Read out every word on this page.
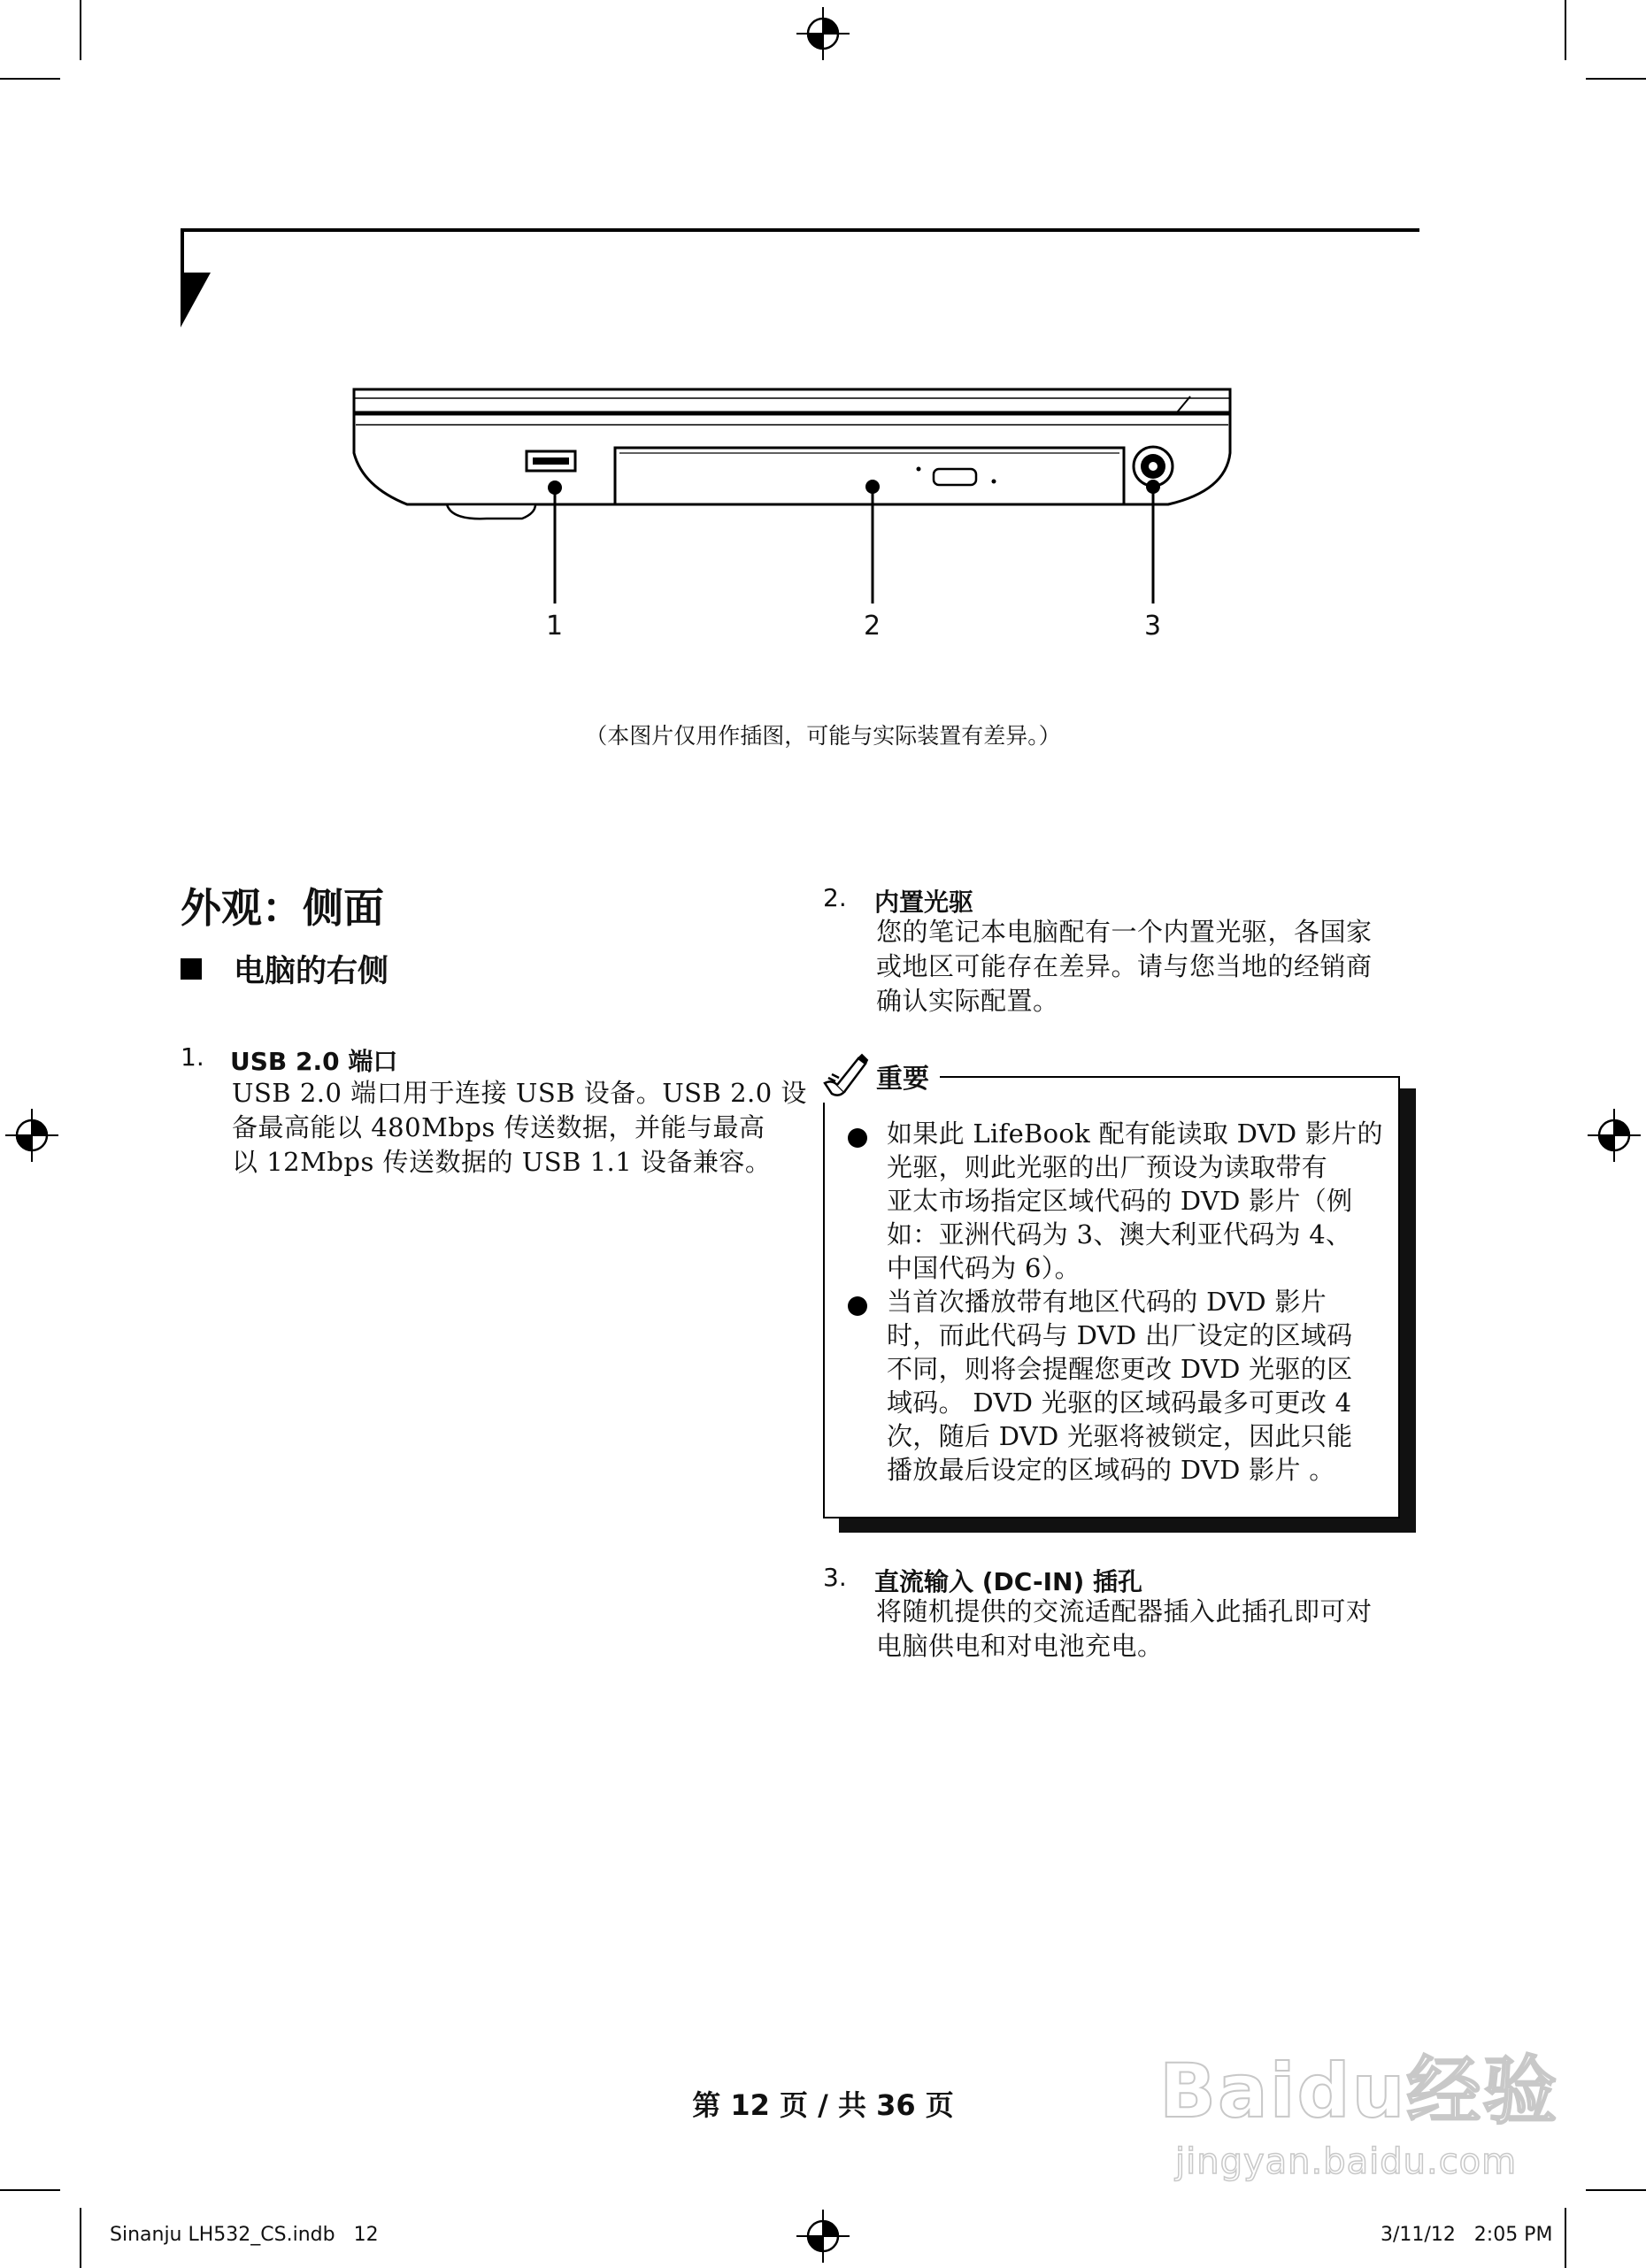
1	2	3
（本图片仅用作插图，可能与实际装置有差异。）
外观：侧面
电脑的右侧
1. USB 2.0 端口
USB 2.0 端口用于连接 USB 设备。USB 2.0 设
备最高能以 480Mbps 传送数据，并能与最高
以 12Mbps 传送数据的 USB 1.1 设备兼容。
2. 内置光驱
您的笔记本电脑配有一个内置光驱，各国家
或地区可能存在差异。请与您当地的经销商
确认实际配置。
如果此 LifeBook 配有能读取 DVD 影片的
光驱，则此光驱的出厂预设为读取带有
亚太市场指定区域代码的 DVD 影片（例
如：亚洲代码为 3、澳大利亚代码为 4、
中国代码为 6）。
当首次播放带有地区代码的 DVD 影片
时，而此代码与 DVD 出厂设定的区域码
不同，则将会提醒您更改 DVD 光驱的区
域码。 DVD 光驱的区域码最多可更改 4
次，随后 DVD 光驱将被锁定，因此只能
播放最后设定的区域码的 DVD 影片 。
重要
3. 直流输入 (DC-IN) 插孔
将随机提供的交流适配器插入此插孔即可对
电脑供电和对电池充电。
第 12 页 / 共 36 页	Baidu经验
jingyan.baidu.com
Sinanju LH532_CS.indb   12	3/11/12   2:05 PM
